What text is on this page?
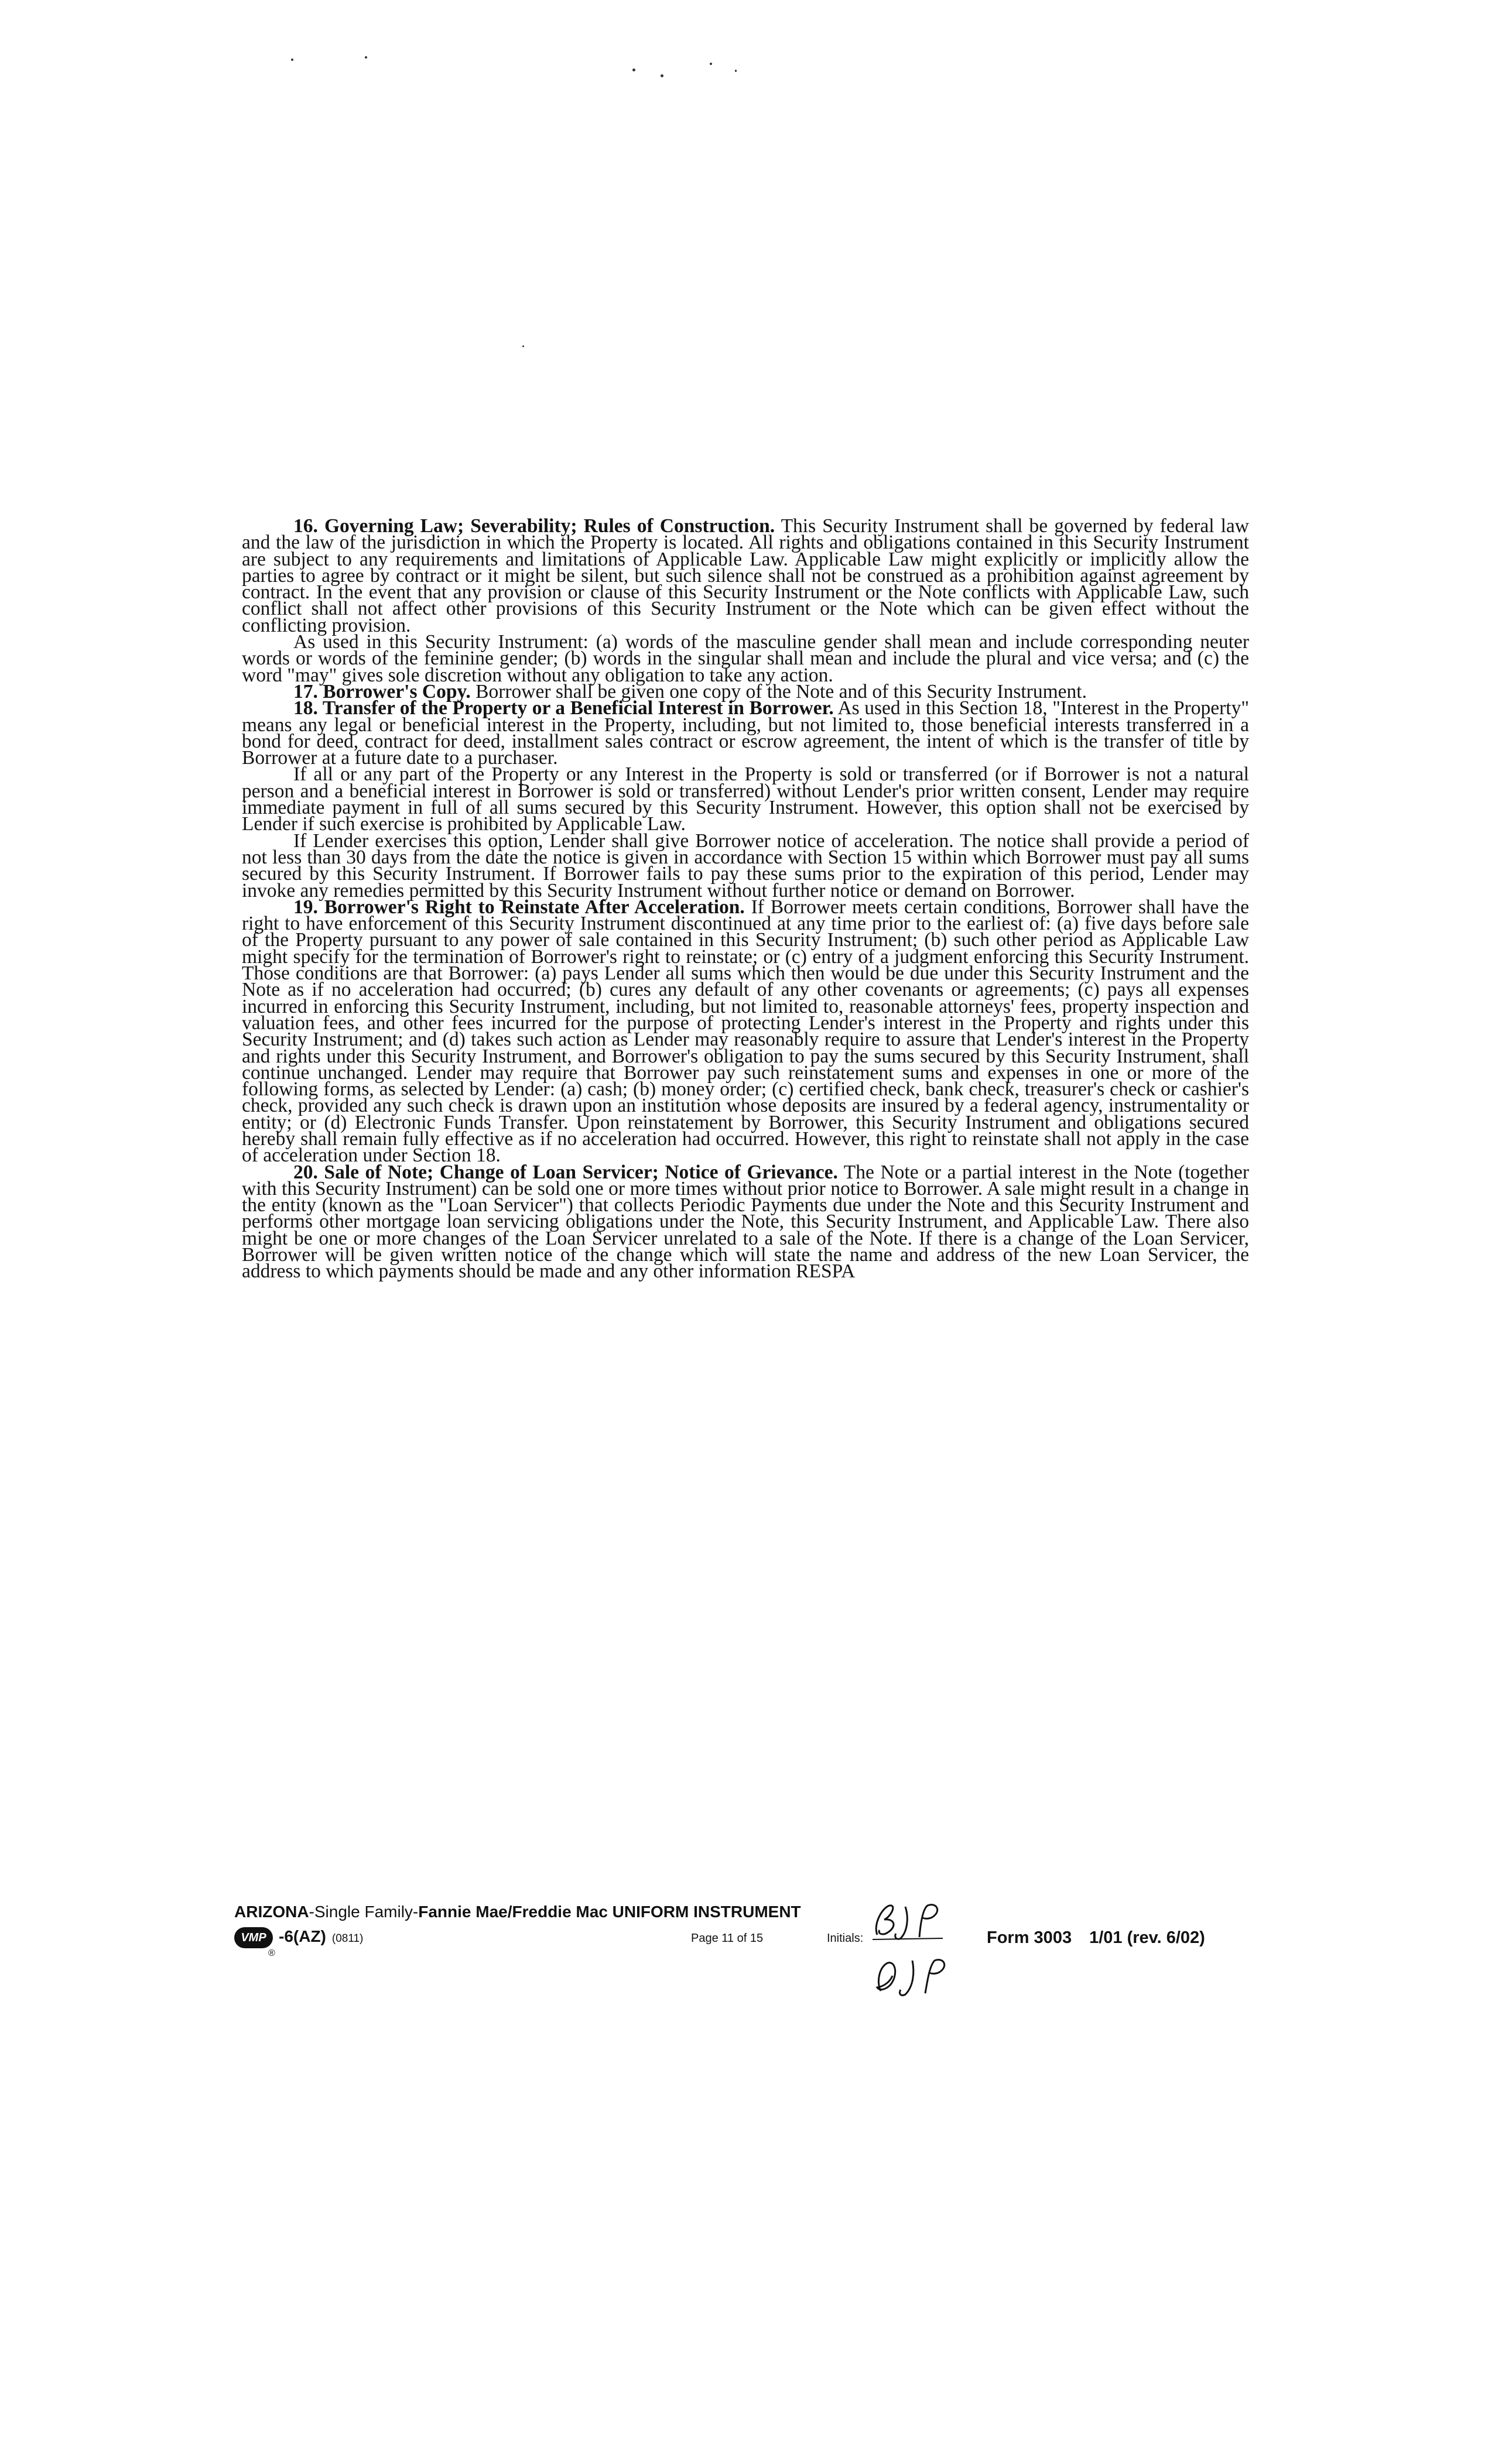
16. Governing Law; Severability; Rules of Construction. This Security Instrument shall be governed by federal law and the law of the jurisdiction in which the Property is located. All rights and obligations contained in this Security Instrument are subject to any requirements and limitations of Applicable Law. Applicable Law might explicitly or implicitly allow the parties to agree by contract or it might be silent, but such silence shall not be construed as a prohibition against agreement by contract. In the event that any provision or clause of this Security Instrument or the Note conflicts with Applicable Law, such conflict shall not affect other provisions of this Security Instrument or the Note which can be given effect without the conflicting provision.

As used in this Security Instrument: (a) words of the masculine gender shall mean and include corresponding neuter words or words of the feminine gender; (b) words in the singular shall mean and include the plural and vice versa; and (c) the word "may" gives sole discretion without any obligation to take any action.

17. Borrower's Copy. Borrower shall be given one copy of the Note and of this Security Instrument.

18. Transfer of the Property or a Beneficial Interest in Borrower. As used in this Section 18, "Interest in the Property" means any legal or beneficial interest in the Property, including, but not limited to, those beneficial interests transferred in a bond for deed, contract for deed, installment sales contract or escrow agreement, the intent of which is the transfer of title by Borrower at a future date to a purchaser.

If all or any part of the Property or any Interest in the Property is sold or transferred (or if Borrower is not a natural person and a beneficial interest in Borrower is sold or transferred) without Lender's prior written consent, Lender may require immediate payment in full of all sums secured by this Security Instrument. However, this option shall not be exercised by Lender if such exercise is prohibited by Applicable Law.

If Lender exercises this option, Lender shall give Borrower notice of acceleration. The notice shall provide a period of not less than 30 days from the date the notice is given in accordance with Section 15 within which Borrower must pay all sums secured by this Security Instrument. If Borrower fails to pay these sums prior to the expiration of this period, Lender may invoke any remedies permitted by this Security Instrument without further notice or demand on Borrower.

19. Borrower's Right to Reinstate After Acceleration. If Borrower meets certain conditions, Borrower shall have the right to have enforcement of this Security Instrument discontinued at any time prior to the earliest of: (a) five days before sale of the Property pursuant to any power of sale contained in this Security Instrument; (b) such other period as Applicable Law might specify for the termination of Borrower's right to reinstate; or (c) entry of a judgment enforcing this Security Instrument. Those conditions are that Borrower: (a) pays Lender all sums which then would be due under this Security Instrument and the Note as if no acceleration had occurred; (b) cures any default of any other covenants or agreements; (c) pays all expenses incurred in enforcing this Security Instrument, including, but not limited to, reasonable attorneys' fees, property inspection and valuation fees, and other fees incurred for the purpose of protecting Lender's interest in the Property and rights under this Security Instrument; and (d) takes such action as Lender may reasonably require to assure that Lender's interest in the Property and rights under this Security Instrument, and Borrower's obligation to pay the sums secured by this Security Instrument, shall continue unchanged. Lender may require that Borrower pay such reinstatement sums and expenses in one or more of the following forms, as selected by Lender: (a) cash; (b) money order; (c) certified check, bank check, treasurer's check or cashier's check, provided any such check is drawn upon an institution whose deposits are insured by a federal agency, instrumentality or entity; or (d) Electronic Funds Transfer. Upon reinstatement by Borrower, this Security Instrument and obligations secured hereby shall remain fully effective as if no acceleration had occurred. However, this right to reinstate shall not apply in the case of acceleration under Section 18.

20. Sale of Note; Change of Loan Servicer; Notice of Grievance. The Note or a partial interest in the Note (together with this Security Instrument) can be sold one or more times without prior notice to Borrower. A sale might result in a change in the entity (known as the "Loan Servicer") that collects Periodic Payments due under the Note and this Security Instrument and performs other mortgage loan servicing obligations under the Note, this Security Instrument, and Applicable Law. There also might be one or more changes of the Loan Servicer unrelated to a sale of the Note. If there is a change of the Loan Servicer, Borrower will be given written notice of the change which will state the name and address of the new Loan Servicer, the address to which payments should be made and any other information RESPA

ARIZONA-Single Family-Fannie Mae/Freddie Mac UNIFORM INSTRUMENT
VMP
®
-6(AZ) (0811)	Page 11 of 15	Initials:	Form 3003 1/01 (rev. 6/02)
